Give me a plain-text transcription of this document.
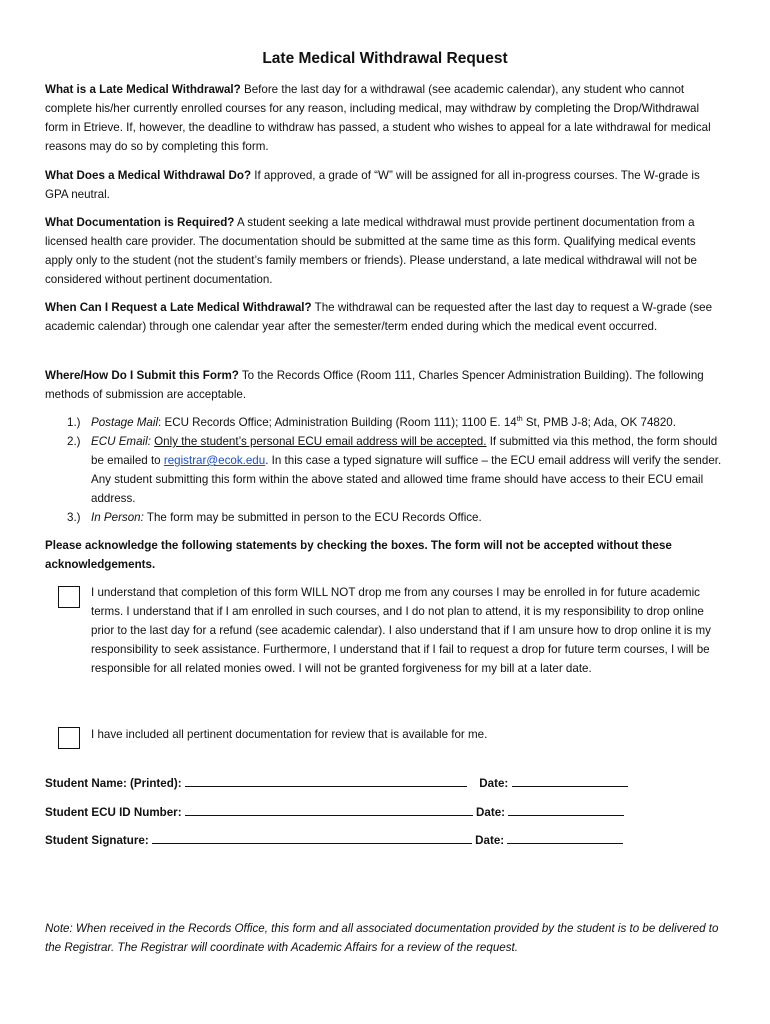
Late Medical Withdrawal Request

What is a Late Medical Withdrawal? Before the last day for a withdrawal (see academic calendar), any student who cannot complete his/her currently enrolled courses for any reason, including medical, may withdraw by completing the Drop/Withdrawal form in Etrieve. If, however, the deadline to withdraw has passed, a student who wishes to appeal for a late withdrawal for medical reasons may do so by completing this form.

What Does a Medical Withdrawal Do? If approved, a grade of “W” will be assigned for all in-progress courses. The W-grade is GPA neutral.

What Documentation is Required? A student seeking a late medical withdrawal must provide pertinent documentation from a licensed health care provider. The documentation should be submitted at the same time as this form. Qualifying medical events apply only to the student (not the student’s family members or friends). Please understand, a late medical withdrawal will not be considered without pertinent documentation.

When Can I Request a Late Medical Withdrawal? The withdrawal can be requested after the last day to request a W-grade (see academic calendar) through one calendar year after the semester/term ended during which the medical event occurred.

Where/How Do I Submit this Form? To the Records Office (Room 111, Charles Spencer Administration Building). The following methods of submission are acceptable.

1.) Postage Mail: ECU Records Office; Administration Building (Room 111); 1100 E. 14th St, PMB J-8; Ada, OK 74820.
2.) ECU Email: Only the student’s personal ECU email address will be accepted. If submitted via this method, the form should be emailed to registrar@ecok.edu. In this case a typed signature will suffice – the ECU email address will verify the sender. Any student submitting this form within the above stated and allowed time frame should have access to their ECU email address.
3.) In Person: The form may be submitted in person to the ECU Records Office.

Please acknowledge the following statements by checking the boxes. The form will not be accepted without these acknowledgements.

I understand that completion of this form WILL NOT drop me from any courses I may be enrolled in for future academic terms. I understand that if I am enrolled in such courses, and I do not plan to attend, it is my responsibility to drop online prior to the last day for a refund (see academic calendar). I also understand that if I am unsure how to drop online it is my responsibility to seek assistance. Furthermore, I understand that if I fail to request a drop for future term courses, I will be responsible for all related monies owed. I will not be granted forgiveness for my bill at a later date.

I have included all pertinent documentation for review that is available for me.

Student Name: (Printed):	Date:
Student ECU ID Number:	Date:
Student Signature:	Date:

Note: When received in the Records Office, this form and all associated documentation provided by the student is to be delivered to the Registrar. The Registrar will coordinate with Academic Affairs for a review of the request.
